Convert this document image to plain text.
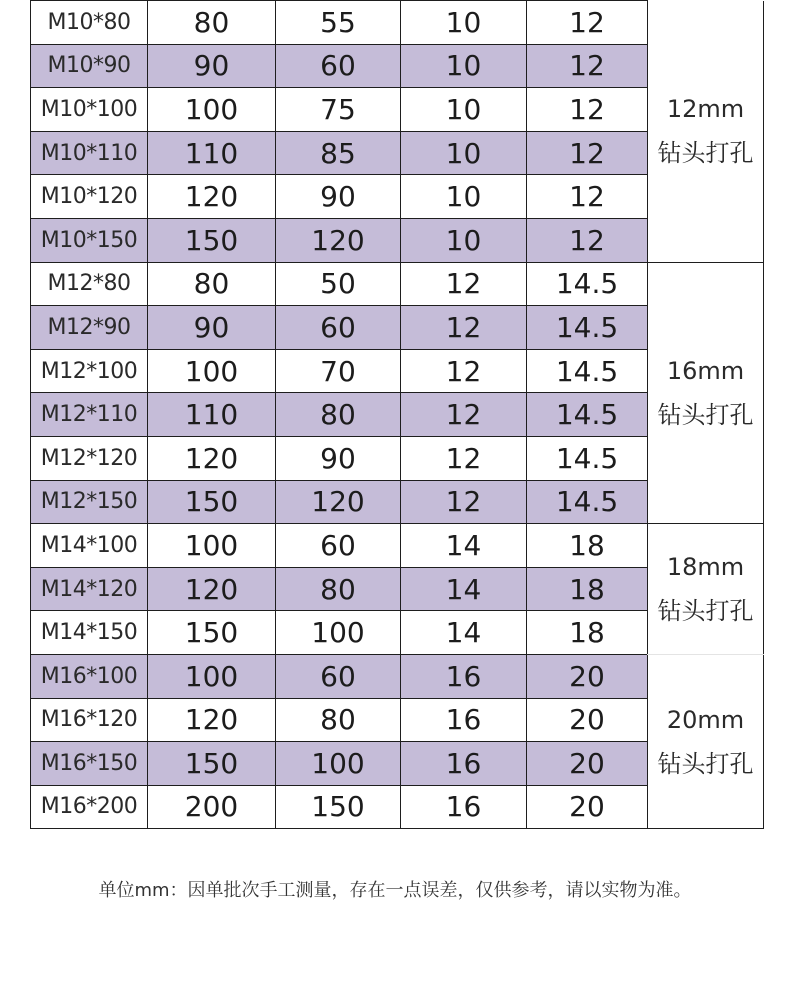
M10*80	80	55	10	12	12mm
钻头打孔

M10*90	90	60	10	12	
M10*100	100	75	10	12	
M10*110	110	85	10	12	
M10*120	120	90	10	12	
M10*150	150	120	10	12	
M12*80	80	50	12	14.5	16mm
钻头打孔

M12*90	90	60	12	14.5	
M12*100	100	70	12	14.5	
M12*110	110	80	12	14.5	
M12*120	120	90	12	14.5	
M12*150	150	120	12	14.5	
M14*100	100	60	14	18	18mm
钻头打孔

M14*120	120	80	14	18	
M14*150	150	100	14	18	
M16*100	100	60	16	20	20mm
钻头打孔

M16*120	120	80	16	20	
M16*150	150	100	16	20	
M16*200	200	150	16	20	

单位mm：因单批次手工测量，存在一点误差，仅供参考，请以实物为准。
